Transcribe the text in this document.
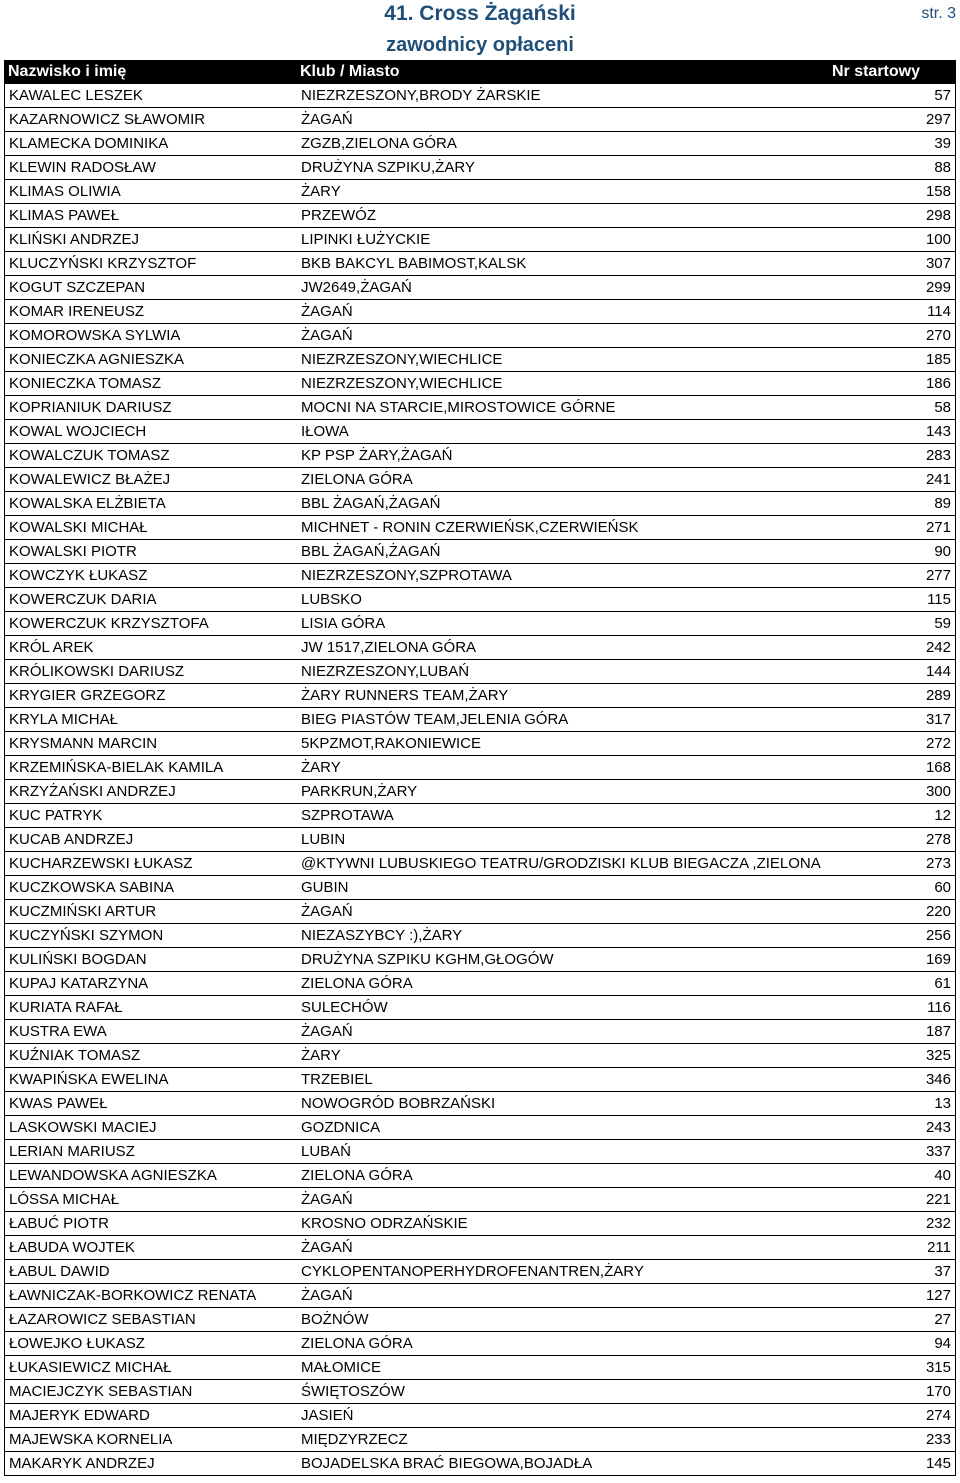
41. Cross Żagański
zawodnicy opłaceni
str. 3
Nazwisko i imię	Klub / Miasto	Nr startowy
KAWALEC LESZEK	NIEZRZESZONY,BRODY ŻARSKIE	57
KAZARNOWICZ SŁAWOMIR	ŻAGAŃ	297
KLAMECKA DOMINIKA	ZGZB,ZIELONA GÓRA	39
KLEWIN RADOSŁAW	DRUŻYNA SZPIKU,ŻARY	88
KLIMAS OLIWIA	ŻARY	158
KLIMAS PAWEŁ	PRZEWÓZ	298
KLIŃSKI ANDRZEJ	LIPINKI ŁUŻYCKIE	100
KLUCZYŃSKI KRZYSZTOF	BKB BAKCYL BABIMOST,KALSK	307
KOGUT SZCZEPAN	JW2649,ŻAGAŃ	299
KOMAR IRENEUSZ	ŻAGAŃ	114
KOMOROWSKA SYLWIA	ŻAGAŃ	270
KONIECZKA AGNIESZKA	NIEZRZESZONY,WIECHLICE	185
KONIECZKA TOMASZ	NIEZRZESZONY,WIECHLICE	186
KOPRIANIUK DARIUSZ	MOCNI NA STARCIE,MIROSTOWICE GÓRNE	58
KOWAL WOJCIECH	IŁOWA	143
KOWALCZUK TOMASZ	KP PSP ŻARY,ŻAGAŃ	283
KOWALEWICZ BŁAŻEJ	ZIELONA GÓRA	241
KOWALSKA ELŻBIETA	BBL ŻAGAŃ,ŻAGAŃ	89
KOWALSKI MICHAŁ	MICHNET - RONIN CZERWIEŃSK,CZERWIEŃSK	271
KOWALSKI PIOTR	BBL ŻAGAŃ,ŻAGAŃ	90
KOWCZYK ŁUKASZ	NIEZRZESZONY,SZPROTAWA	277
KOWERCZUK DARIA	LUBSKO	115
KOWERCZUK KRZYSZTOFA	LISIA GÓRA	59
KRÓL AREK	JW 1517,ZIELONA GÓRA	242
KRÓLIKOWSKI DARIUSZ	NIEZRZESZONY,LUBAŃ	144
KRYGIER GRZEGORZ	ŻARY RUNNERS TEAM,ŻARY	289
KRYLA MICHAŁ	BIEG PIASTÓW TEAM,JELENIA GÓRA	317
KRYSMANN MARCIN	5KPZMOT,RAKONIEWICE	272
KRZEMIŃSKA-BIELAK KAMILA	ŻARY	168
KRZYŻAŃSKI ANDRZEJ	PARKRUN,ŻARY	300
KUC PATRYK	SZPROTAWA	12
KUCAB ANDRZEJ	LUBIN	278
KUCHARZEWSKI ŁUKASZ	@KTYWNI LUBUSKIEGO TEATRU/GRODZISKI KLUB BIEGACZA ,ZIELONA	273
KUCZKOWSKA SABINA	GUBIN	60
KUCZMIŃSKI ARTUR	ŻAGAŃ	220
KUCZYŃSKI SZYMON	NIEZASZYBCY :),ŻARY	256
KULIŃSKI BOGDAN	DRUŻYNA SZPIKU KGHM,GŁOGÓW	169
KUPAJ KATARZYNA	ZIELONA GÓRA	61
KURIATA RAFAŁ	SULECHÓW	116
KUSTRA EWA	ŻAGAŃ	187
KUŹNIAK TOMASZ	ŻARY	325
KWAPIŃSKA EWELINA	TRZEBIEL	346
KWAS PAWEŁ	NOWOGRÓD BOBRZAŃSKI	13
LASKOWSKI MACIEJ	GOZDNICA	243
LERIAN MARIUSZ	LUBAŃ	337
LEWANDOWSKA AGNIESZKA	ZIELONA GÓRA	40
LÓSSA MICHAŁ	ŻAGAŃ	221
ŁABUĆ PIOTR	KROSNO ODRZAŃSKIE	232
ŁABUDA WOJTEK	ŻAGAŃ	211
ŁABUL DAWID	CYKLOPENTANOPERHYDROFENANTREN,ŻARY	37
ŁAWNICZAK-BORKOWICZ RENATA	ŻAGAŃ	127
ŁAZAROWICZ SEBASTIAN	BOŻNÓW	27
ŁOWEJKO ŁUKASZ	ZIELONA GÓRA	94
ŁUKASIEWICZ MICHAŁ	MAŁOMICE	315
MACIEJCZYK SEBASTIAN	ŚWIĘTOSZÓW	170
MAJERYK EDWARD	JASIEŃ	274
MAJEWSKA KORNELIA	MIĘDZYRZECZ	233
MAKARYK ANDRZEJ	BOJADELSKA BRAĆ BIEGOWA,BOJADŁA	145
